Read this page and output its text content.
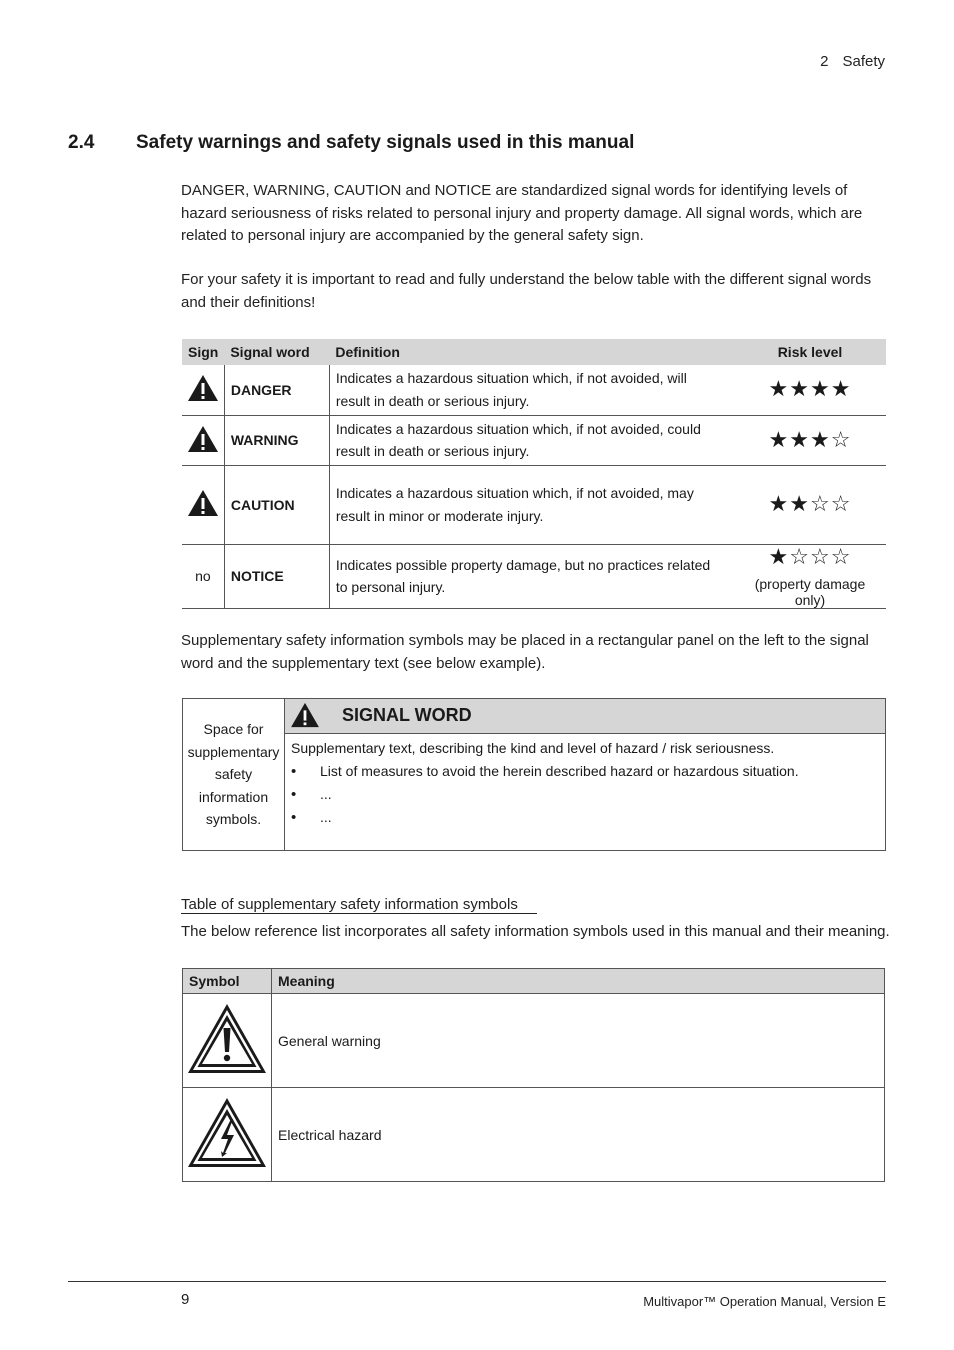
2 Safety
2.4 Safety warnings and safety signals used in this manual
DANGER, WARNING, CAUTION and NOTICE are standardized signal words for identifying levels of hazard seriousness of risks related to personal injury and property damage. All signal words, which are related to personal injury are accompanied by the general safety sign.
For your safety it is important to read and fully understand the below table with the different signal words and their definitions!
Sign	Signal word	Definition	Risk level
	DANGER	Indicates a hazardous situation which, if not avoided, will result in death or serious injury.	★★★★
	WARNING	Indicates a hazardous situation which, if not avoided, could result in death or serious injury.	★★★☆
	CAUTION	Indicates a hazardous situation which, if not avoided, may result in minor or moderate injury.	★★☆☆
no	NOTICE	Indicates possible property damage, but no practices related to personal injury.	★☆☆☆
(property damage only)
Supplementary safety information symbols may be placed in a rectangular panel on the left to the signal word and the supplementary text (see below example).
Space for supplementary safety information symbols.
SIGNAL WORD
Supplementary text, describing the kind and level of hazard / risk seriousness.
• List of measures to avoid the herein described hazard or hazardous situation.
• ...
• ...
Table of supplementary safety information symbols
The below reference list incorporates all safety information symbols used in this manual and their meaning.
Symbol	Meaning
	General warning
	Electrical hazard
9	Multivapor™ Operation Manual, Version E
